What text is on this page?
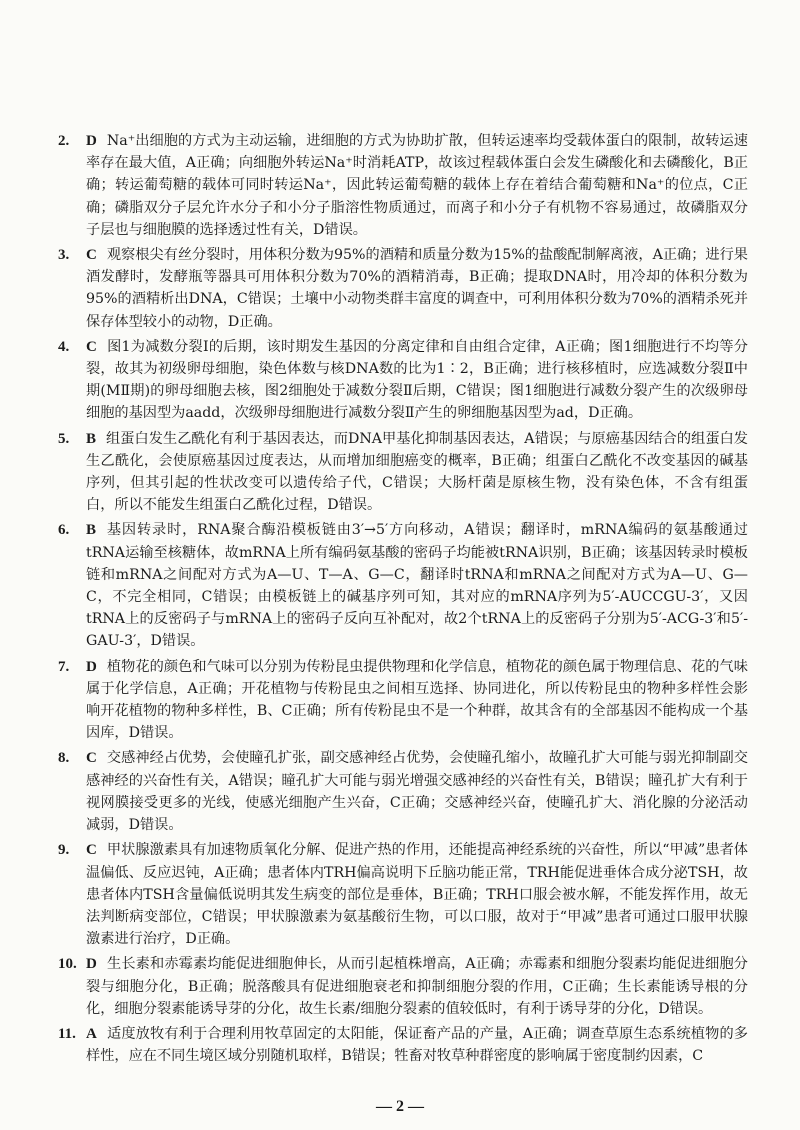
2. D Na⁺出细胞的方式为主动运输，进细胞的方式为协助扩散，但转运速率均受载体蛋白的限制，故转运速率存在最大值，A正确；向细胞外转运Na⁺时消耗ATP，故该过程载体蛋白会发生磷酸化和去磷酸化，B正确；转运葡萄糖的载体可同时转运Na⁺，因此转运葡萄糖的载体上存在着结合葡萄糖和Na⁺的位点，C正确；磷脂双分子层允许水分子和小分子脂溶性物质通过，而离子和小分子有机物不容易通过，故磷脂双分子层也与细胞膜的选择透过性有关，D错误。
3. C 观察根尖有丝分裂时，用体积分数为95%的酒精和质量分数为15%的盐酸配制解离液，A正确；进行果酒发酵时，发酵瓶等器具可用体积分数为70%的酒精消毒，B正确；提取DNA时，用冷却的体积分数为95%的酒精析出DNA，C错误；土壤中小动物类群丰富度的调查中，可利用体积分数为70%的酒精杀死并保存体型较小的动物，D正确。
4. C 图1为减数分裂Ⅰ的后期，该时期发生基因的分离定律和自由组合定律，A正确；图1细胞进行不均等分裂，故其为初级卵母细胞，染色体数与核DNA数的比为1∶2，B正确；进行核移植时，应选减数分裂Ⅱ中期(MⅡ期)的卵母细胞去核，图2细胞处于减数分裂Ⅱ后期，C错误；图1细胞进行减数分裂产生的次级卵母细胞的基因型为aadd，次级卵母细胞进行减数分裂Ⅱ产生的卵细胞基因型为ad，D正确。
5. B 组蛋白发生乙酰化有利于基因表达，而DNA甲基化抑制基因表达，A错误；与原癌基因结合的组蛋白发生乙酰化，会使原癌基因过度表达，从而增加细胞癌变的概率，B正确；组蛋白乙酰化不改变基因的碱基序列，但其引起的性状改变可以遗传给子代，C错误；大肠杆菌是原核生物，没有染色体，不含有组蛋白，所以不能发生组蛋白乙酰化过程，D错误。
6. B 基因转录时，RNA聚合酶沿模板链由3′→5′方向移动，A错误；翻译时，mRNA编码的氨基酸通过tRNA运输至核糖体，故mRNA上所有编码氨基酸的密码子均能被tRNA识别，B正确；该基因转录时模板链和mRNA之间配对方式为A—U、T—A、G—C，翻译时tRNA和mRNA之间配对方式为A—U、G—C，不完全相同，C错误；由模板链上的碱基序列可知，其对应的mRNA序列为5′-AUCCGU-3′，又因tRNA上的反密码子与mRNA上的密码子反向互补配对，故2个tRNA上的反密码子分别为5′-ACG-3′和5′-GAU-3′，D错误。
7. D 植物花的颜色和气味可以分别为传粉昆虫提供物理和化学信息，植物花的颜色属于物理信息、花的气味属于化学信息，A正确；开花植物与传粉昆虫之间相互选择、协同进化，所以传粉昆虫的物种多样性会影响开花植物的物种多样性，B、C正确；所有传粉昆虫不是一个种群，故其含有的全部基因不能构成一个基因库，D错误。
8. C 交感神经占优势，会使瞳孔扩张，副交感神经占优势，会使瞳孔缩小，故瞳孔扩大可能与弱光抑制副交感神经的兴奋性有关，A错误；瞳孔扩大可能与弱光增强交感神经的兴奋性有关，B错误；瞳孔扩大有利于视网膜接受更多的光线，使感光细胞产生兴奋，C正确；交感神经兴奋，使瞳孔扩大、消化腺的分泌活动减弱，D错误。
9. C 甲状腺激素具有加速物质氧化分解、促进产热的作用，还能提高神经系统的兴奋性，所以“甲减”患者体温偏低、反应迟钝，A正确；患者体内TRH偏高说明下丘脑功能正常，TRH能促进垂体合成分泌TSH，故患者体内TSH含量偏低说明其发生病变的部位是垂体，B正确；TRH口服会被水解，不能发挥作用，故无法判断病变部位，C错误；甲状腺激素为氨基酸衍生物，可以口服，故对于“甲减”患者可通过口服甲状腺激素进行治疗，D正确。
10. D 生长素和赤霉素均能促进细胞伸长，从而引起植株增高，A正确；赤霉素和细胞分裂素均能促进细胞分裂与细胞分化，B正确；脱落酸具有促进细胞衰老和抑制细胞分裂的作用，C正确；生长素能诱导根的分化，细胞分裂素能诱导芽的分化，故生长素/细胞分裂素的值较低时，有利于诱导芽的分化，D错误。
11. A 适度放牧有利于合理利用牧草固定的太阳能，保证畜产品的产量，A正确；调查草原生态系统植物的多样性，应在不同生境区域分别随机取样，B错误；牲畜对牧草种群密度的影响属于密度制约因素，C
— 2 —
